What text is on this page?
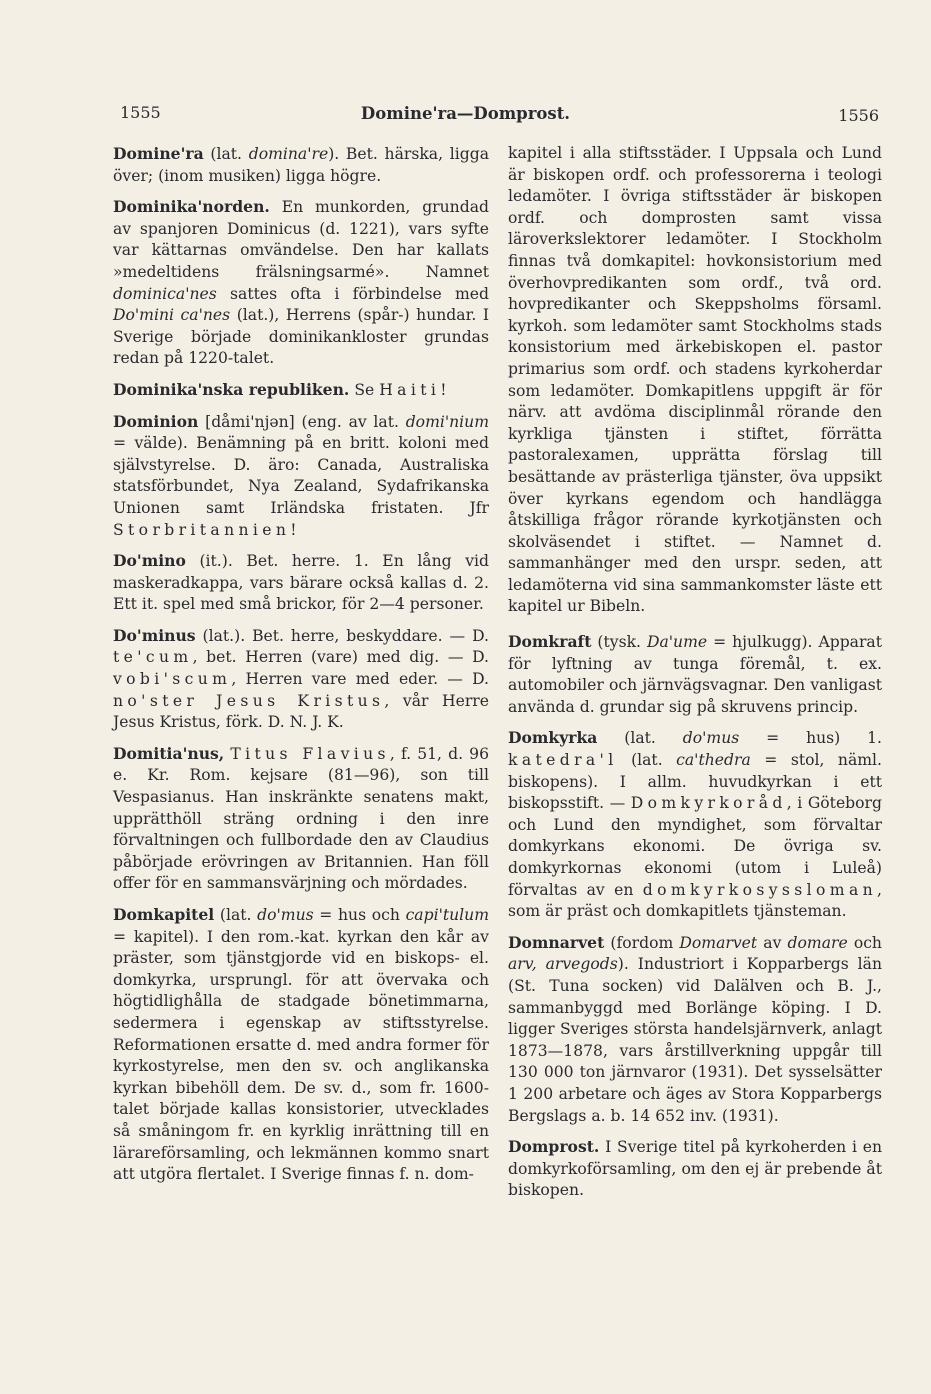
1555	Domine'ra—Domprost.	1556

Domine'ra (lat. domina're). Bet. härska, ligga över; (inom musiken) ligga högre.

Dominika'norden. En munkorden, grundad av spanjoren Dominicus (d. 1221), vars syfte var kättarnas omvändelse. Den har kallats »medeltidens frälsningsarmé». Namnet dominica'nes sattes ofta i förbindelse med Do'mini ca'nes (lat.), Herrens (spår-) hundar. I Sverige började dominikankloster grundas redan på 1220-talet.

Dominika'nska republiken. Se Haiti!

Dominion [dåmi'njən] (eng. av lat. domi'nium = välde). Benämning på en britt. koloni med självstyrelse. D. äro: Canada, Australiska statsförbundet, Nya Zealand, Sydafrikanska Unionen samt Irländska fristaten. Jfr Storbritannien!

Do'mino (it.). Bet. herre. 1. En lång vid maskeradkappa, vars bärare också kallas d. 2. Ett it. spel med små brickor, för 2—4 personer.

Do'minus (lat.). Bet. herre, beskyddare. — D. te'cum, bet. Herren (vare) med dig. — D. vobi'scum, Herren vare med eder. — D. no'ster Jesus Kristus, vår Herre Jesus Kristus, förk. D. N. J. K.

Domitia'nus, Titus Flavius, f. 51, d. 96 e. Kr. Rom. kejsare (81—96), son till Vespasianus. Han inskränkte senatens makt, upprätthöll sträng ordning i den inre förvaltningen och fullbordade den av Claudius påbörjade erövringen av Britannien. Han föll offer för en sammansvärjning och mördades.

Domkapitel (lat. do'mus = hus och capi'tulum = kapitel). I den rom.-kat. kyrkan den kår av präster, som tjänstgjorde vid en biskops- el. domkyrka, ursprungl. för att övervaka och högtidlighålla de stadgade bönetimmarna, sedermera i egenskap av stiftsstyrelse. Reformationen ersatte d. med andra former för kyrkostyrelse, men den sv. och anglikanska kyrkan bibehöll dem. De sv. d., som fr. 1600-talet började kallas konsistorier, utvecklades så småningom fr. en kyrklig inrättning till en lärareförsamling, och lekmännen kommo snart att utgöra flertalet. I Sverige finnas f. n. dom-

kapitel i alla stiftsstäder. I Uppsala och Lund är biskopen ordf. och professorerna i teologi ledamöter. I övriga stiftsstäder är biskopen ordf. och domprosten samt vissa läroverkslektorer ledamöter. I Stockholm finnas två domkapitel: hovkonsistorium med överhovpredikanten som ordf., två ord. hovpredikanter och Skeppsholms församl. kyrkoh. som ledamöter samt Stockholms stads konsistorium med ärkebiskopen el. pastor primarius som ordf. och stadens kyrkoherdar som ledamöter. Domkapitlens uppgift är för närv. att avdöma disciplinmål rörande den kyrkliga tjänsten i stiftet, förrätta pastoralexamen, upprätta förslag till besättande av prästerliga tjänster, öva uppsikt över kyrkans egendom och handlägga åtskilliga frågor rörande kyrkotjänsten och skolväsendet i stiftet. — Namnet d. sammanhänger med den urspr. seden, att ledamöterna vid sina sammankomster läste ett kapitel ur Bibeln.

Domkraft (tysk. Da'ume = hjulkugg). Apparat för lyftning av tunga föremål, t. ex. automobiler och järnvägsvagnar. Den vanligast använda d. grundar sig på skruvens princip.

Domkyrka (lat. do'mus = hus) 1. katedra'l (lat. ca'thedra = stol, näml. biskopens). I allm. huvudkyrkan i ett biskopsstift. — Domkyrkoråd, i Göteborg och Lund den myndighet, som förvaltar domkyrkans ekonomi. De övriga sv. domkyrkornas ekonomi (utom i Luleå) förvaltas av en domkyrkosyssloman, som är präst och domkapitlets tjänsteman.

Domnarvet (fordom Domarvet av domare och arv, arvegods). Industriort i Kopparbergs län (St. Tuna socken) vid Dalälven och B. J., sammanbyggd med Borlänge köping. I D. ligger Sveriges största handelsjärnverk, anlagt 1873—1878, vars årstillverkning uppgår till 130 000 ton järnvaror (1931). Det sysselsätter 1 200 arbetare och äges av Stora Kopparbergs Bergslags a. b. 14 652 inv. (1931).

Domprost. I Sverige titel på kyrkoherden i en domkyrkoförsamling, om den ej är prebende åt biskopen.
